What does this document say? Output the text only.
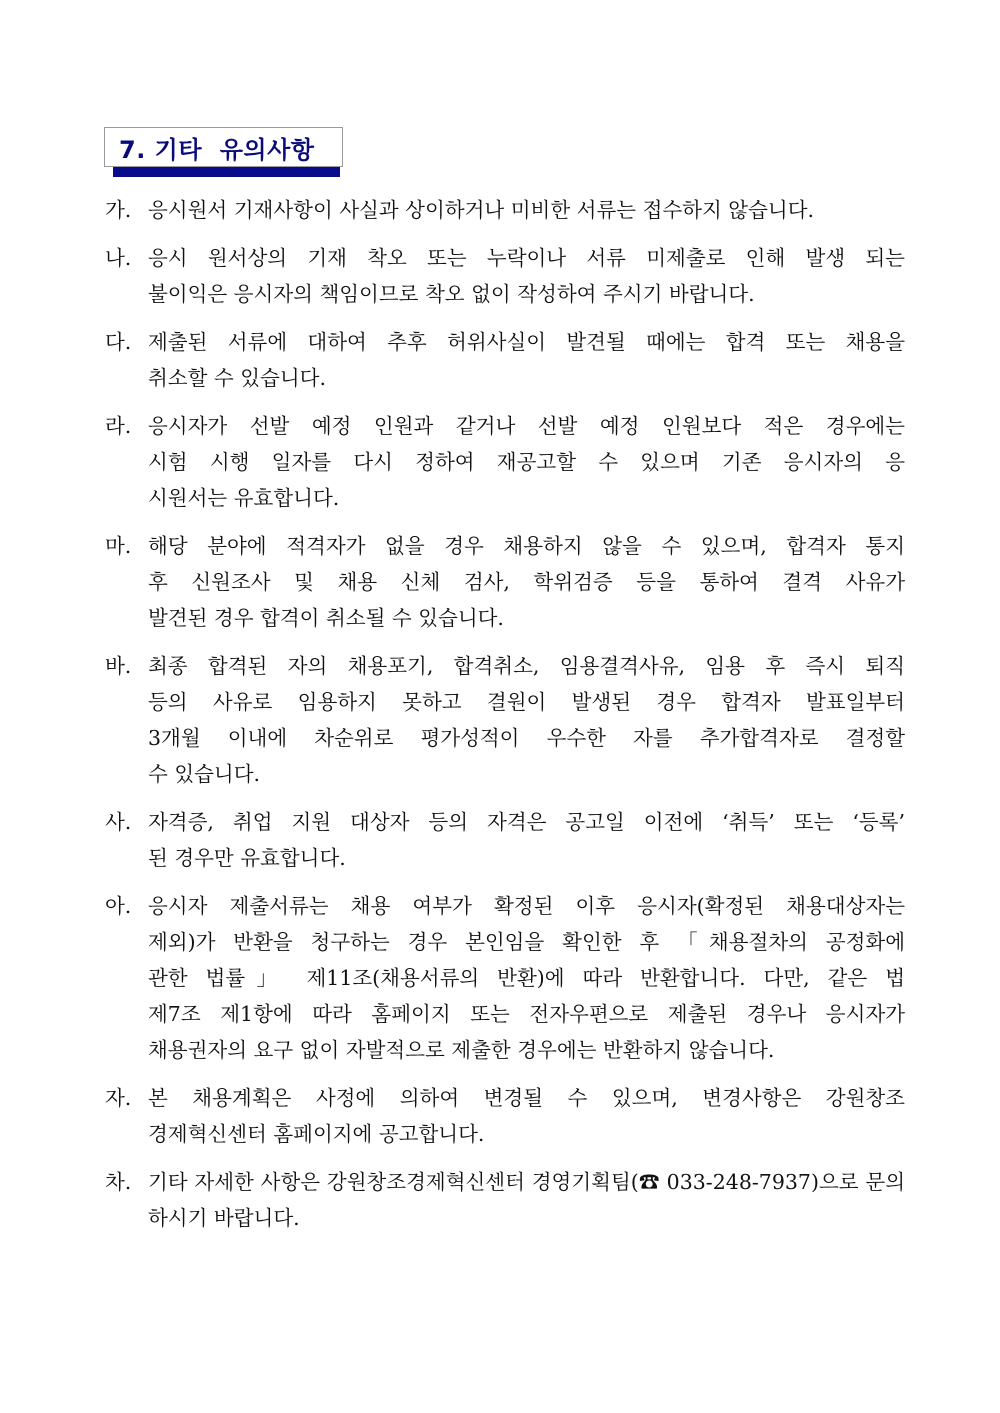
7. 기타  유의사항
가. 응시원서 기재사항이 사실과 상이하거나 미비한 서류는 접수하지 않습니다.
나. 응시 원서상의 기재 착오 또는 누락이나 서류 미제출로 인해 발생 되는
불이익은 응시자의 책임이므로 착오 없이 작성하여 주시기 바랍니다.
다. 제출된 서류에 대하여 추후 허위사실이 발견될 때에는 합격 또는 채용을
취소할 수 있습니다.
라. 응시자가 선발 예정 인원과 같거나 선발 예정 인원보다 적은 경우에는
시험 시행 일자를 다시 정하여 재공고할 수 있으며 기존 응시자의 응
시원서는 유효합니다.
마. 해당 분야에 적격자가 없을 경우 채용하지 않을 수 있으며, 합격자 통지
후 신원조사 및 채용 신체 검사, 학위검증 등을 통하여 결격 사유가
발견된 경우 합격이 취소될 수 있습니다.
바. 최종 합격된 자의 채용포기, 합격취소, 임용결격사유, 임용 후 즉시 퇴직
등의 사유로 임용하지 못하고 결원이 발생된 경우 합격자 발표일부터
3개월 이내에 차순위로 평가성적이 우수한 자를 추가합격자로 결정할
수 있습니다.
사. 자격증, 취업 지원 대상자 등의 자격은 공고일 이전에 ‘취득’ 또는 ‘등록’
된 경우만 유효합니다.
아. 응시자 제출서류는 채용 여부가 확정된 이후 응시자(확정된 채용대상자는
제외)가 반환을 청구하는 경우 본인임을 확인한 후 「채용절차의 공정화에
관한 법률」 제11조(채용서류의 반환)에 따라 반환합니다. 다만, 같은 법
제7조 제1항에 따라 홈페이지 또는 전자우편으로 제출된 경우나 응시자가
채용권자의 요구 없이 자발적으로 제출한 경우에는 반환하지 않습니다.
자. 본 채용계획은 사정에 의하여 변경될 수 있으며, 변경사항은 강원창조
경제혁신센터 홈페이지에 공고합니다.
차. 기타 자세한 사항은 강원창조경제혁신센터 경영기획팀(☎ 033-248-7937)으로 문의
하시기 바랍니다.
